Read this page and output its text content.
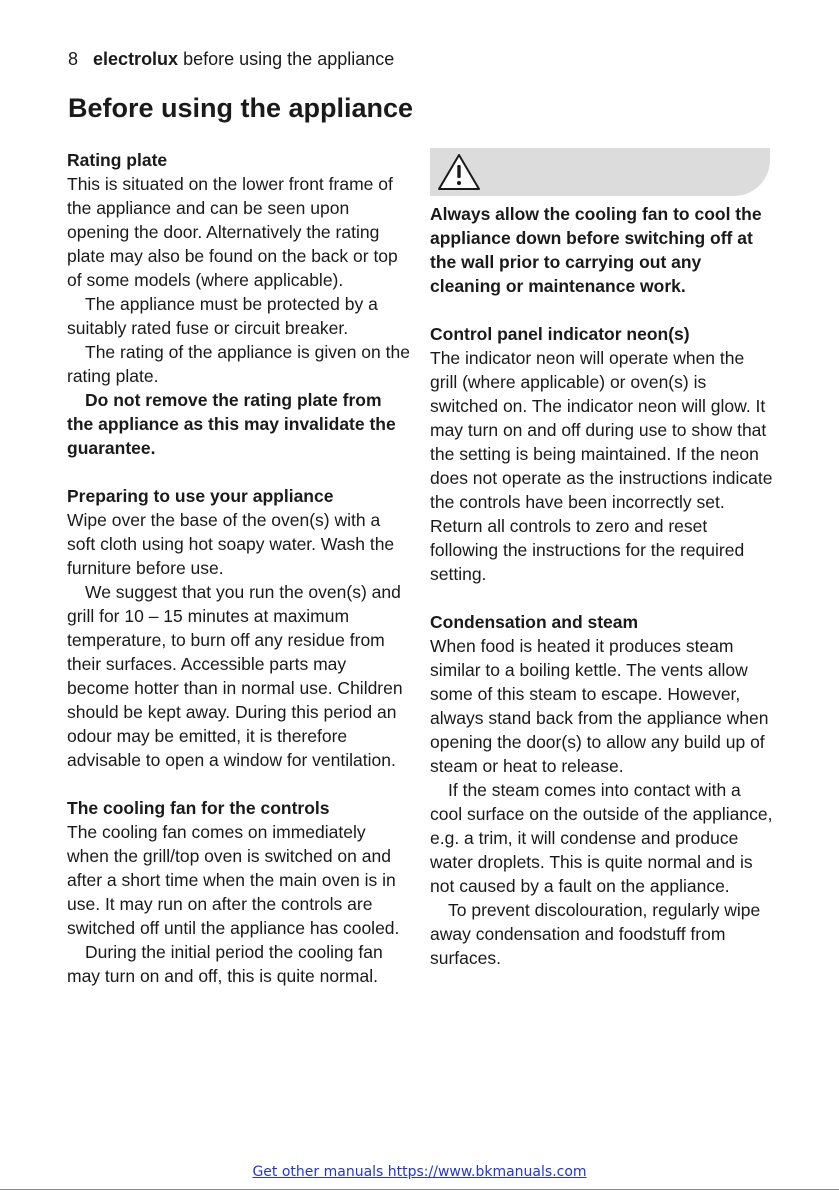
8 electrolux before using the appliance
Before using the appliance
Rating plate

This is situated on the lower front frame of the appliance and can be seen upon opening the door. Alternatively the rating plate may also be found on the back or top of some models (where applicable).

The appliance must be protected by a suitably rated fuse or circuit breaker.

The rating of the appliance is given on the rating plate.

Do not remove the rating plate from the appliance as this may invalidate the guarantee.

Preparing to use your appliance

Wipe over the base of the oven(s) with a soft cloth using hot soapy water. Wash the furniture before use.

We suggest that you run the oven(s) and grill for 10 – 15 minutes at maximum temperature, to burn off any residue from their surfaces. Accessible parts may become hotter than in normal use. Children should be kept away. During this period an odour may be emitted, it is therefore advisable to open a window for ventilation.

The cooling fan for the controls

The cooling fan comes on immediately when the grill/top oven is switched on and after a short time when the main oven is in use. It may run on after the controls are switched off until the appliance has cooled.

During the initial period the cooling fan may turn on and off, this is quite normal.

Always allow the cooling fan to cool the appliance down before switching off at the wall prior to carrying out any cleaning or maintenance work.

Control panel indicator neon(s)

The indicator neon will operate when the grill (where applicable) or oven(s) is switched on. The indicator neon will glow. It may turn on and off during use to show that the setting is being maintained. If the neon does not operate as the instructions indicate the controls have been incorrectly set. Return all controls to zero and reset following the instructions for the required setting.

Condensation and steam

When food is heated it produces steam similar to a boiling kettle. The vents allow some of this steam to escape. However, always stand back from the appliance when opening the door(s) to allow any build up of steam or heat to release.

If the steam comes into contact with a cool surface on the outside of the appliance, e.g. a trim, it will condense and produce water droplets. This is quite normal and is not caused by a fault on the appliance.

To prevent discolouration, regularly wipe away condensation and foodstuff from surfaces.

Get other manuals https://www.bkmanuals.com
